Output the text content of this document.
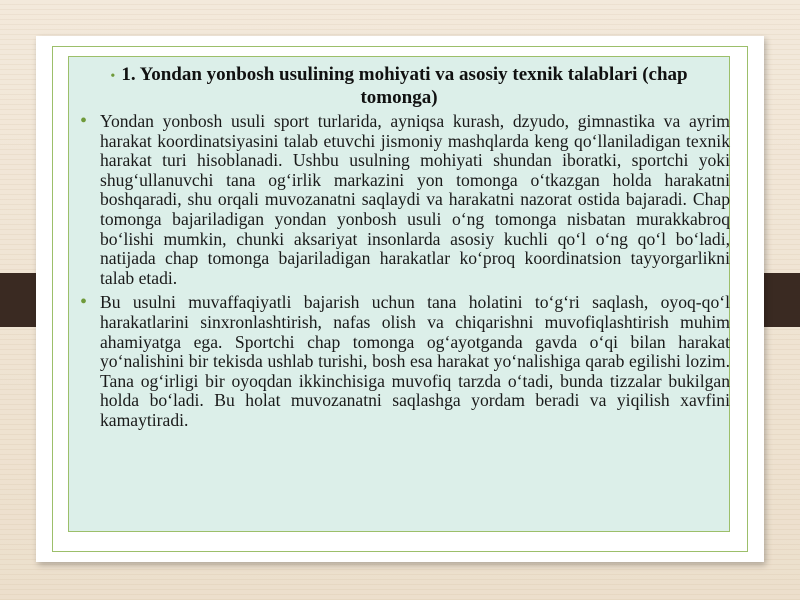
• 1. Yondan yonbosh usulining mohiyati va asosiy texnik talablari (chap tomonga)
• Yondan yonbosh usuli sport turlarida, ayniqsa kurash, dzyudo, gimnastika va ayrim harakat koordinatsiyasini talab etuvchi jismoniy mashqlarda keng qo‘llaniladigan texnik harakat turi hisoblanadi. Ushbu usulning mohiyati shundan iboratki, sportchi yoki shug‘ullanuvchi tana og‘irlik markazini yon tomonga o‘tkazgan holda harakatni boshqaradi, shu orqali muvozanatni saqlaydi va harakatni nazorat ostida bajaradi. Chap tomonga bajariladigan yondan yonbosh usuli o‘ng tomonga nisbatan murakkabroq bo‘lishi mumkin, chunki aksariyat insonlarda asosiy kuchli qo‘l o‘ng qo‘l bo‘ladi, natijada chap tomonga bajariladigan harakatlar ko‘proq koordinatsion tayyorgarlikni talab etadi.
• Bu usulni muvaffaqiyatli bajarish uchun tana holatini to‘g‘ri saqlash, oyoq-qo‘l harakatlarini sinxronlashtirish, nafas olish va chiqarishni muvofiqlashtirish muhim ahamiyatga ega. Sportchi chap tomonga og‘ayotganda gavda o‘qi bilan harakat yo‘nalishini bir tekisda ushlab turishi, bosh esa harakat yo‘nalishiga qarab egilishi lozim. Tana og‘irligi bir oyoqdan ikkinchisiga muvofiq tarzda o‘tadi, bunda tizzalar bukilgan holda bo‘ladi. Bu holat muvozanatni saqlashga yordam beradi va yiqilish xavfini kamaytiradi.
